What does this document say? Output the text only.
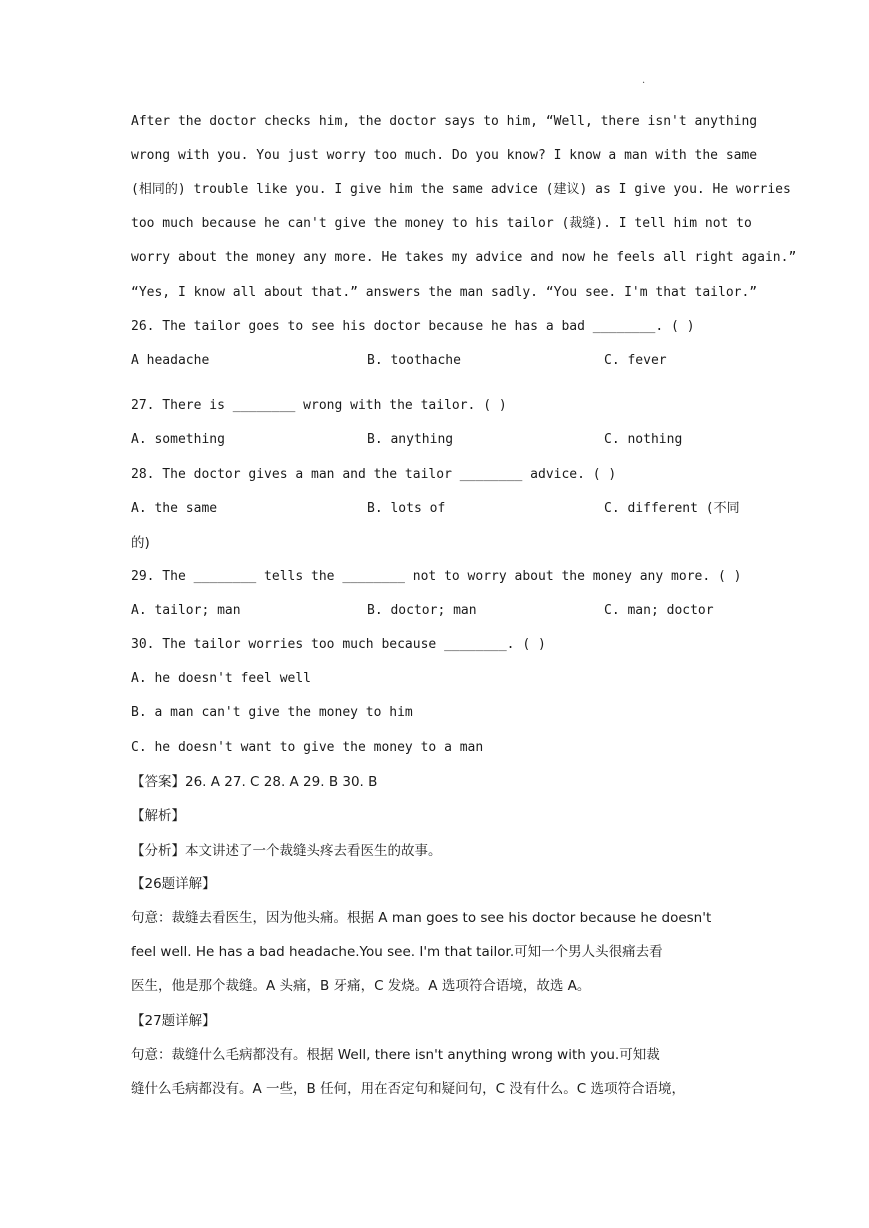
·
After the doctor checks him, the doctor says to him, “Well, there isn't anything
wrong with you. You just worry too much. Do you know? I know a man with the same
(相同的) trouble like you. I give him the same advice (建议) as I give you. He worries
too much because he can't give the money to his tailor (裁缝). I tell him not to
worry about the money any more. He takes my advice and now he feels all right again.”
“Yes, I know all about that.” answers the man sadly. “You see. I'm that tailor.”
26. The tailor goes to see his doctor because he has a bad ________. ( )
A headache	B. toothache	C. fever
27. There is ________ wrong with the tailor. ( )
A. something	B. anything	C. nothing
28. The doctor gives a man and the tailor ________ advice. ( )
A. the same	B. lots of	C. different (不同
的)
29. The ________ tells the ________ not to worry about the money any more. ( )
A. tailor; man	B. doctor; man	C. man; doctor
30. The tailor worries too much because ________. ( )
A. he doesn't feel well
B. a man can't give the money to him
C. he doesn't want to give the money to a man
【答案】26. A 27. C 28. A 29. B 30. B
【解析】
【分析】本文讲述了一个裁缝头疼去看医生的故事。
【26题详解】
句意：裁缝去看医生，因为他头痛。根据 A man goes to see his doctor because he doesn't
feel well. He has a bad headache.You see. I'm that tailor.可知一个男人头很痛去看
医生，他是那个裁缝。A 头痛，B 牙痛，C 发烧。A 选项符合语境，故选 A。
【27题详解】
句意：裁缝什么毛病都没有。根据 Well, there isn't anything wrong with you.可知裁
缝什么毛病都没有。A 一些，B 任何，用在否定句和疑问句，C 没有什么。C 选项符合语境，
